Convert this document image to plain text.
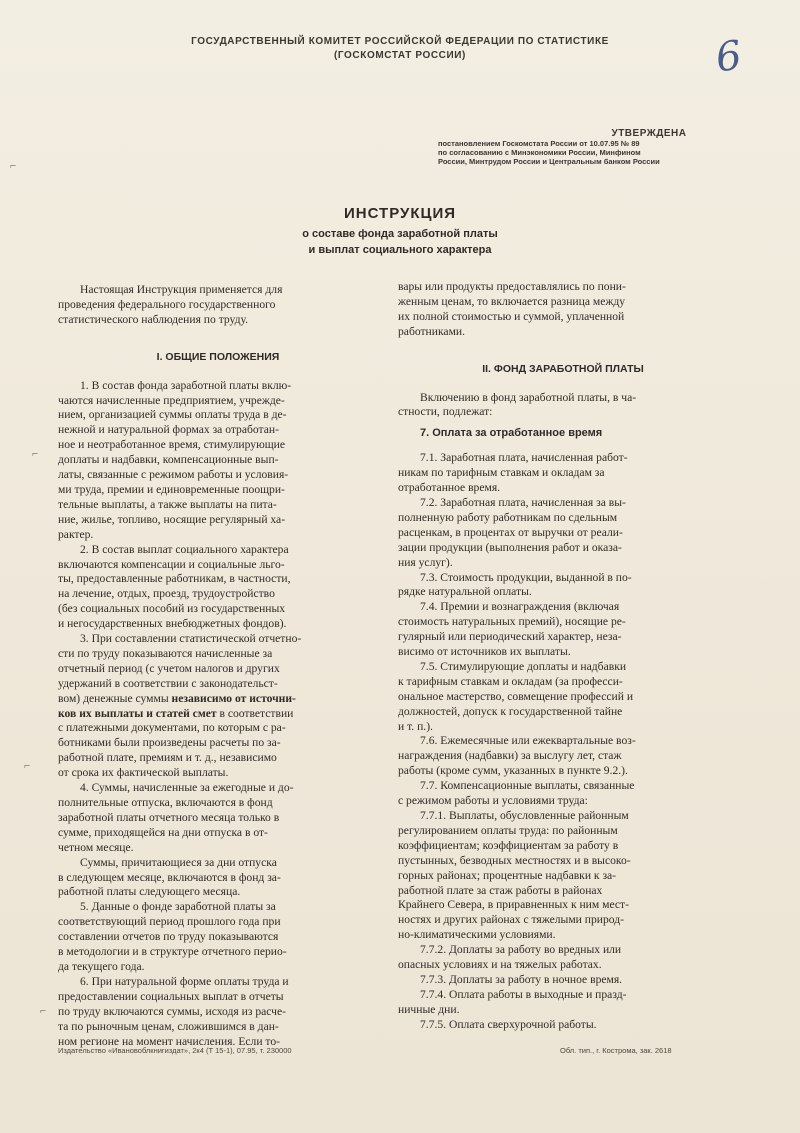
ГОСУДАРСТВЕННЫЙ КОМИТЕТ РОССИЙСКОЙ ФЕДЕРАЦИИ ПО СТАТИСТИКЕ
(ГОСКОМСТАТ РОССИИ)	6
УТВЕРЖДЕНА
постановлением Госкомстата России от 10.07.95 № 89
по согласованию с Минэкономики России, Минфином
России, Минтрудом России и Центральным банком России
ИНСТРУКЦИЯ
о составе фонда заработной платы
и выплат социального характера

Настоящая Инструкция применяется для

проведения федерального государственного

статистического наблюдения по труду.

I. ОБЩИЕ ПОЛОЖЕНИЯ

1. В состав фонда заработной платы вклю-

чаются начисленные предприятием, учрежде-

нием, организацией суммы оплаты труда в де-

нежной и натуральной формах за отработан-

ное и неотработанное время, стимулирующие

доплаты и надбавки, компенсационные вып-

латы, связанные с режимом работы и условия-

ми труда, премии и единовременные поощри-

тельные выплаты, а также выплаты на пита-

ние, жилье, топливо, носящие регулярный ха-

рактер.

2. В состав выплат социального характера

включаются компенсации и социальные льго-

ты, предоставленные работникам, в частности,

на лечение, отдых, проезд, трудоустройство

(без социальных пособий из государственных

и негосударственных внебюджетных фондов).

3. При составлении статистической отчетно-

сти по труду показываются начисленные за

отчетный период (с учетом налогов и других

удержаний в соответствии с законодательст-

вом) денежные суммы независимо от источни-

ков их выплаты и статей смет в соответствии

с платежными документами, по которым с ра-

ботниками были произведены расчеты по за-

работной плате, премиям и т. д., независимо

от срока их фактической выплаты.

4. Суммы, начисленные за ежегодные и до-

полнительные отпуска, включаются в фонд

заработной платы отчетного месяца только в

сумме, приходящейся на дни отпуска в от-

четном месяце.

Суммы, причитающиеся за дни отпуска

в следующем месяце, включаются в фонд за-

работной платы следующего месяца.

5. Данные о фонде заработной платы за

соответствующий период прошлого года при

составлении отчетов по труду показываются

в методологии и в структуре отчетного перио-

да текущего года.

6. При натуральной форме оплаты труда и

предоставлении социальных выплат в отчеты

по труду включаются суммы, исходя из расче-

та по рыночным ценам, сложившимся в дан-

ном регионе на момент начисления. Если то-

вары или продукты предоставлялись по пони-

женным ценам, то включается разница между

их полной стоимостью и суммой, уплаченной

работниками.

II. ФОНД ЗАРАБОТНОЙ ПЛАТЫ

Включению в фонд заработной платы, в ча-

стности, подлежат:

7. Оплата за отработанное время

7.1. Заработная плата, начисленная работ-

никам по тарифным ставкам и окладам за

отработанное время.

7.2. Заработная плата, начисленная за вы-

полненную работу работникам по сдельным

расценкам, в процентах от выручки от реали-

зации продукции (выполнения работ и оказа-

ния услуг).

7.3. Стоимость продукции, выданной в по-

рядке натуральной оплаты.

7.4. Премии и вознаграждения (включая

стоимость натуральных премий), носящие ре-

гулярный или периодический характер, неза-

висимо от источников их выплаты.

7.5. Стимулирующие доплаты и надбавки

к тарифным ставкам и окладам (за професси-

ональное мастерство, совмещение профессий и

должностей, допуск к государственной тайне

и т. п.).

7.6. Ежемесячные или ежеквартальные воз-

награждения (надбавки) за выслугу лет, стаж

работы (кроме сумм, указанных в пункте 9.2.).

7.7. Компенсационные выплаты, связанные

с режимом работы и условиями труда:

7.7.1. Выплаты, обусловленные районным

регулированием оплаты труда: по районным

коэффициентам; коэффициентам за работу в

пустынных, безводных местностях и в высоко-

горных районах; процентные надбавки к за-

работной плате за стаж работы в районах

Крайнего Севера, в приравненных к ним мест-

ностях и других районах с тяжелыми природ-

но-климатическими условиями.

7.7.2. Доплаты за работу во вредных или

опасных условиях и на тяжелых работах.

7.7.3. Доплаты за работу в ночное время.

7.7.4. Оплата работы в выходные и празд-

ничные дни.

7.7.5. Оплата сверхурочной работы.

Издательство «Ивановоблкнигиздат», 2к4 (Т 15-1), 07.95, т. 230000	Обл. тип., г. Кострома, зак. 2618
⌐
⌐
⌐
⌐
